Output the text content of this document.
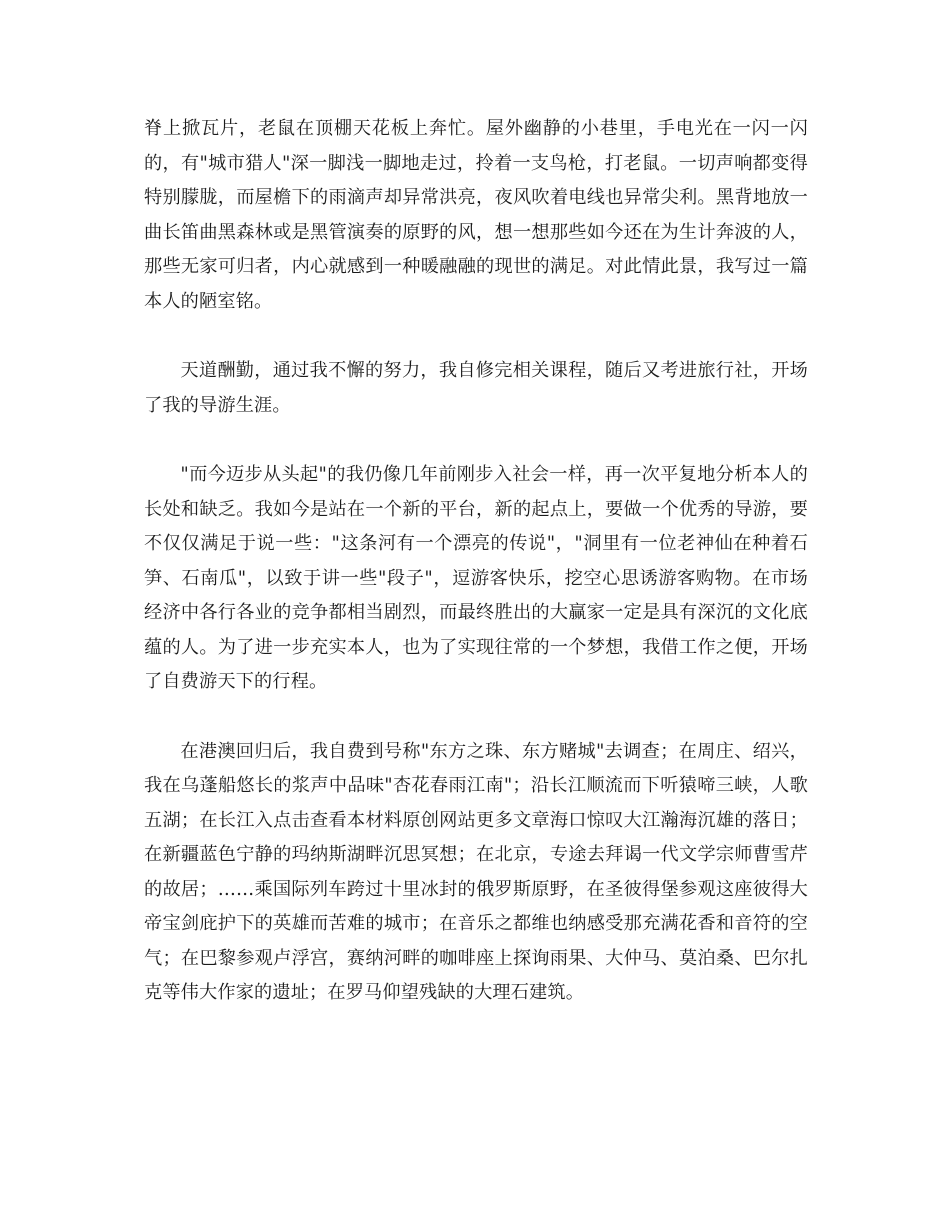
脊上掀瓦片，老鼠在顶棚天花板上奔忙。屋外幽静的小巷里，手电光在一闪一闪的，有"城市猎人"深一脚浅一脚地走过，拎着一支鸟枪，打老鼠。一切声响都变得特别朦胧，而屋檐下的雨滴声却异常洪亮，夜风吹着电线也异常尖利。黑背地放一曲长笛曲黑森林或是黑管演奏的原野的风，想一想那些如今还在为生计奔波的人，那些无家可归者，内心就感到一种暖融融的现世的满足。对此情此景，我写过一篇本人的陋室铭。

天道酬勤，通过我不懈的努力，我自修完相关课程，随后又考进旅行社，开场了我的导游生涯。

"而今迈步从头起"的我仍像几年前刚步入社会一样，再一次平复地分析本人的长处和缺乏。我如今是站在一个新的平台，新的起点上，要做一个优秀的导游，要不仅仅满足于说一些："这条河有一个漂亮的传说"，"洞里有一位老神仙在种着石笋、石南瓜"，以致于讲一些"段子"，逗游客快乐，挖空心思诱游客购物。在市场经济中各行各业的竞争都相当剧烈，而最终胜出的大赢家一定是具有深沉的文化底蕴的人。为了进一步充实本人，也为了实现往常的一个梦想，我借工作之便，开场了自费游天下的行程。

在港澳回归后，我自费到号称"东方之珠、东方赌城"去调查；在周庄、绍兴，我在乌蓬船悠长的浆声中品味"杏花春雨江南"；沿长江顺流而下听猿啼三峡，人歌五湖；在长江入点击查看本材料原创网站更多文章海口惊叹大江瀚海沉雄的落日；在新疆蓝色宁静的玛纳斯湖畔沉思冥想；在北京，专途去拜谒一代文学宗师曹雪芹的故居；……乘国际列车跨过十里冰封的俄罗斯原野，在圣彼得堡参观这座彼得大帝宝剑庇护下的英雄而苦难的城市；在音乐之都维也纳感受那充满花香和音符的空气；在巴黎参观卢浮宫，赛纳河畔的咖啡座上探询雨果、大仲马、莫泊桑、巴尔扎克等伟大作家的遗址；在罗马仰望残缺的大理石建筑。
